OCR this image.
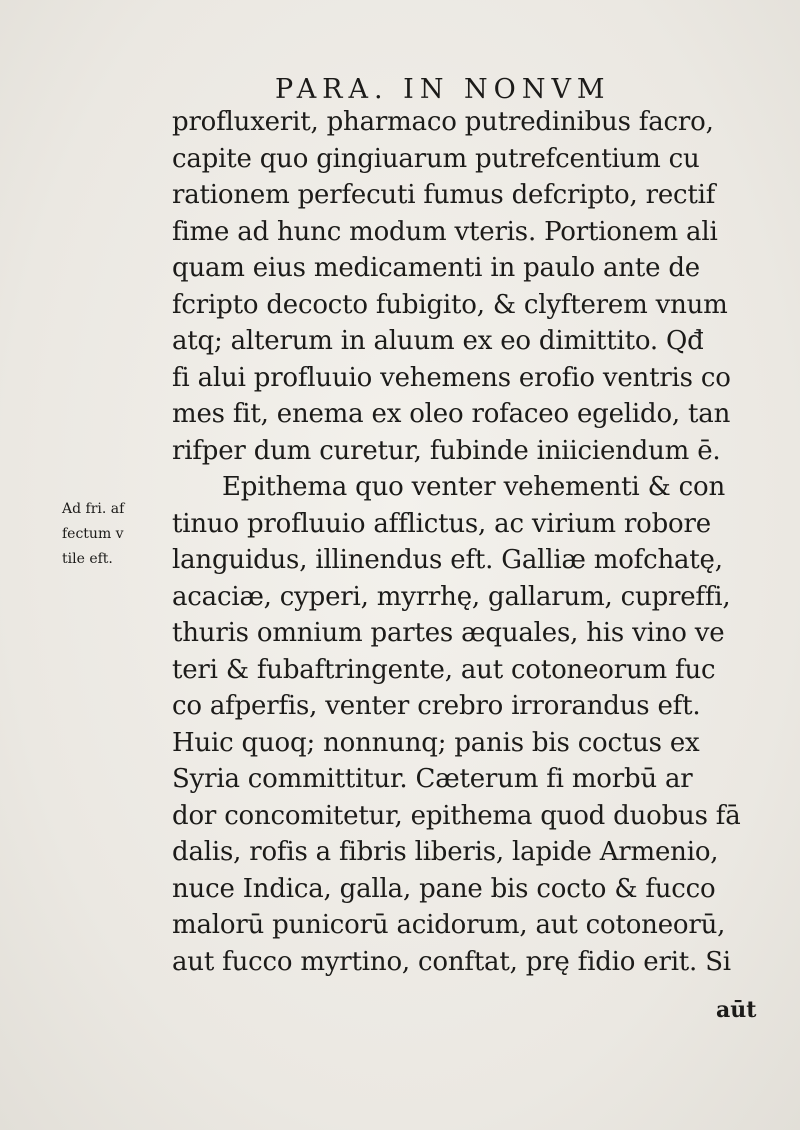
PARA. IN NONVM
profluxerit, pharmaco putredinibus facro,
capite quo gingiuarum putrefcentium cu
rationem perfecuti fumus defcripto, rectif
fime ad hunc modum vteris. Portionem ali
quam eius medicamenti in paulo ante de
fcripto decocto fubigito, & clyfterem vnum
atq; alterum in aluum ex eo dimittito. Qđ
fi alui profluuio vehemens erofio ventris co
mes fit, enema ex oleo rofaceo egelido, tan
rifper dum curetur, fubinde iniiciendum ē.
Epithema quo venter vehementi & con
tinuo profluuio afflictus, ac virium robore
languidus, illinendus eft. Galliæ mofchatę,
acaciæ, cyperi, myrrhę, gallarum, cupreffi,
thuris omnium partes æquales, his vino ve
teri & fubaftringente, aut cotoneorum fuc
co afperfis, venter crebro irrorandus eft.
Huic quoq; nonnunq; panis bis coctus ex
Syria committitur. Cæterum fi morbū ar
dor concomitetur, epithema quod duobus fā
dalis, rofis a fibris liberis, lapide Armenio,
nuce Indica, galla, pane bis cocto & fucco
malorū punicorū acidorum, aut cotoneorū,
aut fucco myrtino, conftat, prę fidio erit. Si
Ad fri. af
fectum v
tile eft.
aūt
